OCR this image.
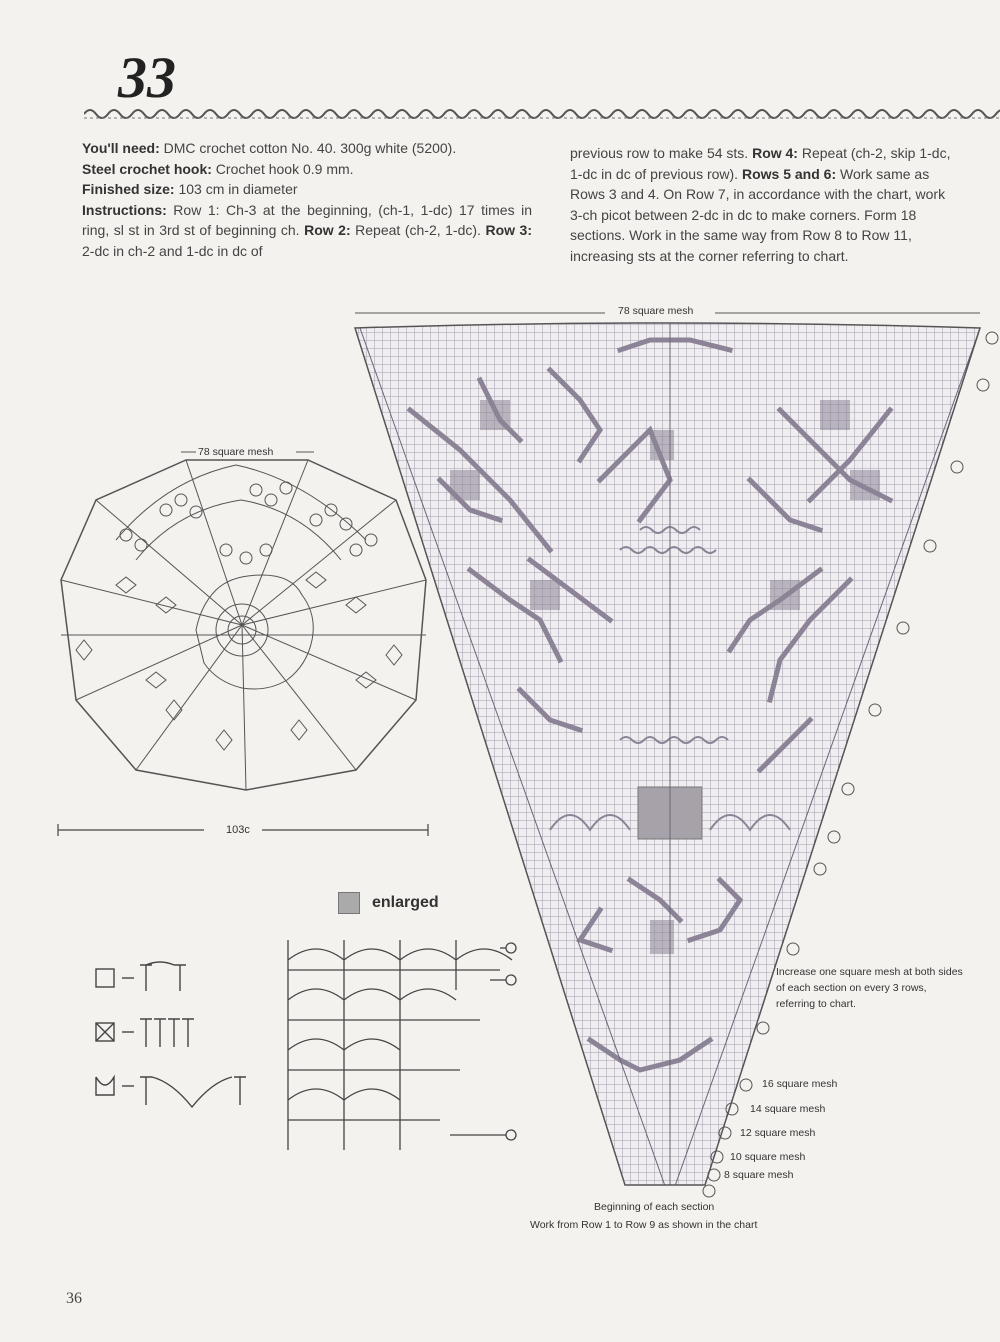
33
You'll need: DMC crochet cotton No. 40. 300g white (5200).
Steel crochet hook: Crochet hook 0.9 mm.
Finished size: 103 cm in diameter
Instructions: Row 1: Ch-3 at the beginning, (ch-1, 1-dc) 17 times in ring, sl st in 3rd st of beginning ch. Row 2: Repeat (ch-2, 1-dc). Row 3: 2-dc in ch-2 and 1-dc in dc of
previous row to make 54 sts. Row 4: Repeat (ch-2, skip 1-dc,
1-dc in dc of previous row). Rows 5 and 6: Work same as
Rows 3 and 4. On Row 7, in accordance with the chart, work
3-ch picot between 2-dc in dc to make corners. Form 18
sections. Work in the same way from Row 8 to Row 11,
increasing sts at the corner referring to chart.
78 square mesh
78 square mesh
103c
enlarged
Increase one square mesh at both sides of each section on every 3 rows, referring to chart.
16 square mesh
14 square mesh
12 square mesh
10 square mesh
8 square mesh
Beginning of each section
Work from Row 1 to Row 9 as shown in the chart
36
